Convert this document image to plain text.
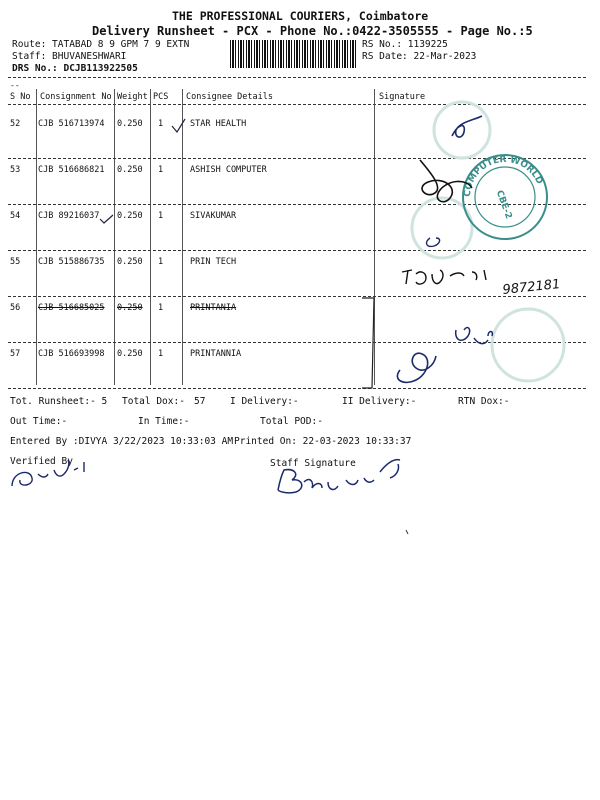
THE PROFESSIONAL COURIERS, Coimbatore
Delivery Runsheet - PCX - Phone No.:0422-3505555 - Page No.:5
Route: TATABAD 8 9 GPM 7 9 EXTN
Staff: BHUVANESHWARI
DRS No.: DCJB113922505
RS No.: 1139225
RS Date: 22-Mar-2023
--
S No Consignment No Weight PCS Consignee Details	Signature
52 CJB 516713974 0.250 1	STAR HEALTH
53 CJB 516686821 0.250 1	ASHISH COMPUTER
54 CJB 89216037 0.250 1	SIVAKUMAR
55 CJB 515886735 0.250 1	PRIN TECH
56 CJB 516685025 0.250 1	PRINTANIA
57 CJB 516693998 0.250 1	PRINTANNIA
Tot. Runsheet:- 5 Total Dox:- 57	I Delivery:-	II Delivery:-	RTN Dox:-
Out Time:-	In Time:-	Total POD:-
Entered By :DIVYA 3/22/2023 10:33:03 AM Printed On: 22-03-2023 10:33:37
Verified By	Staff Signature
COMPUTER WORLD
CBE-2
9872181
